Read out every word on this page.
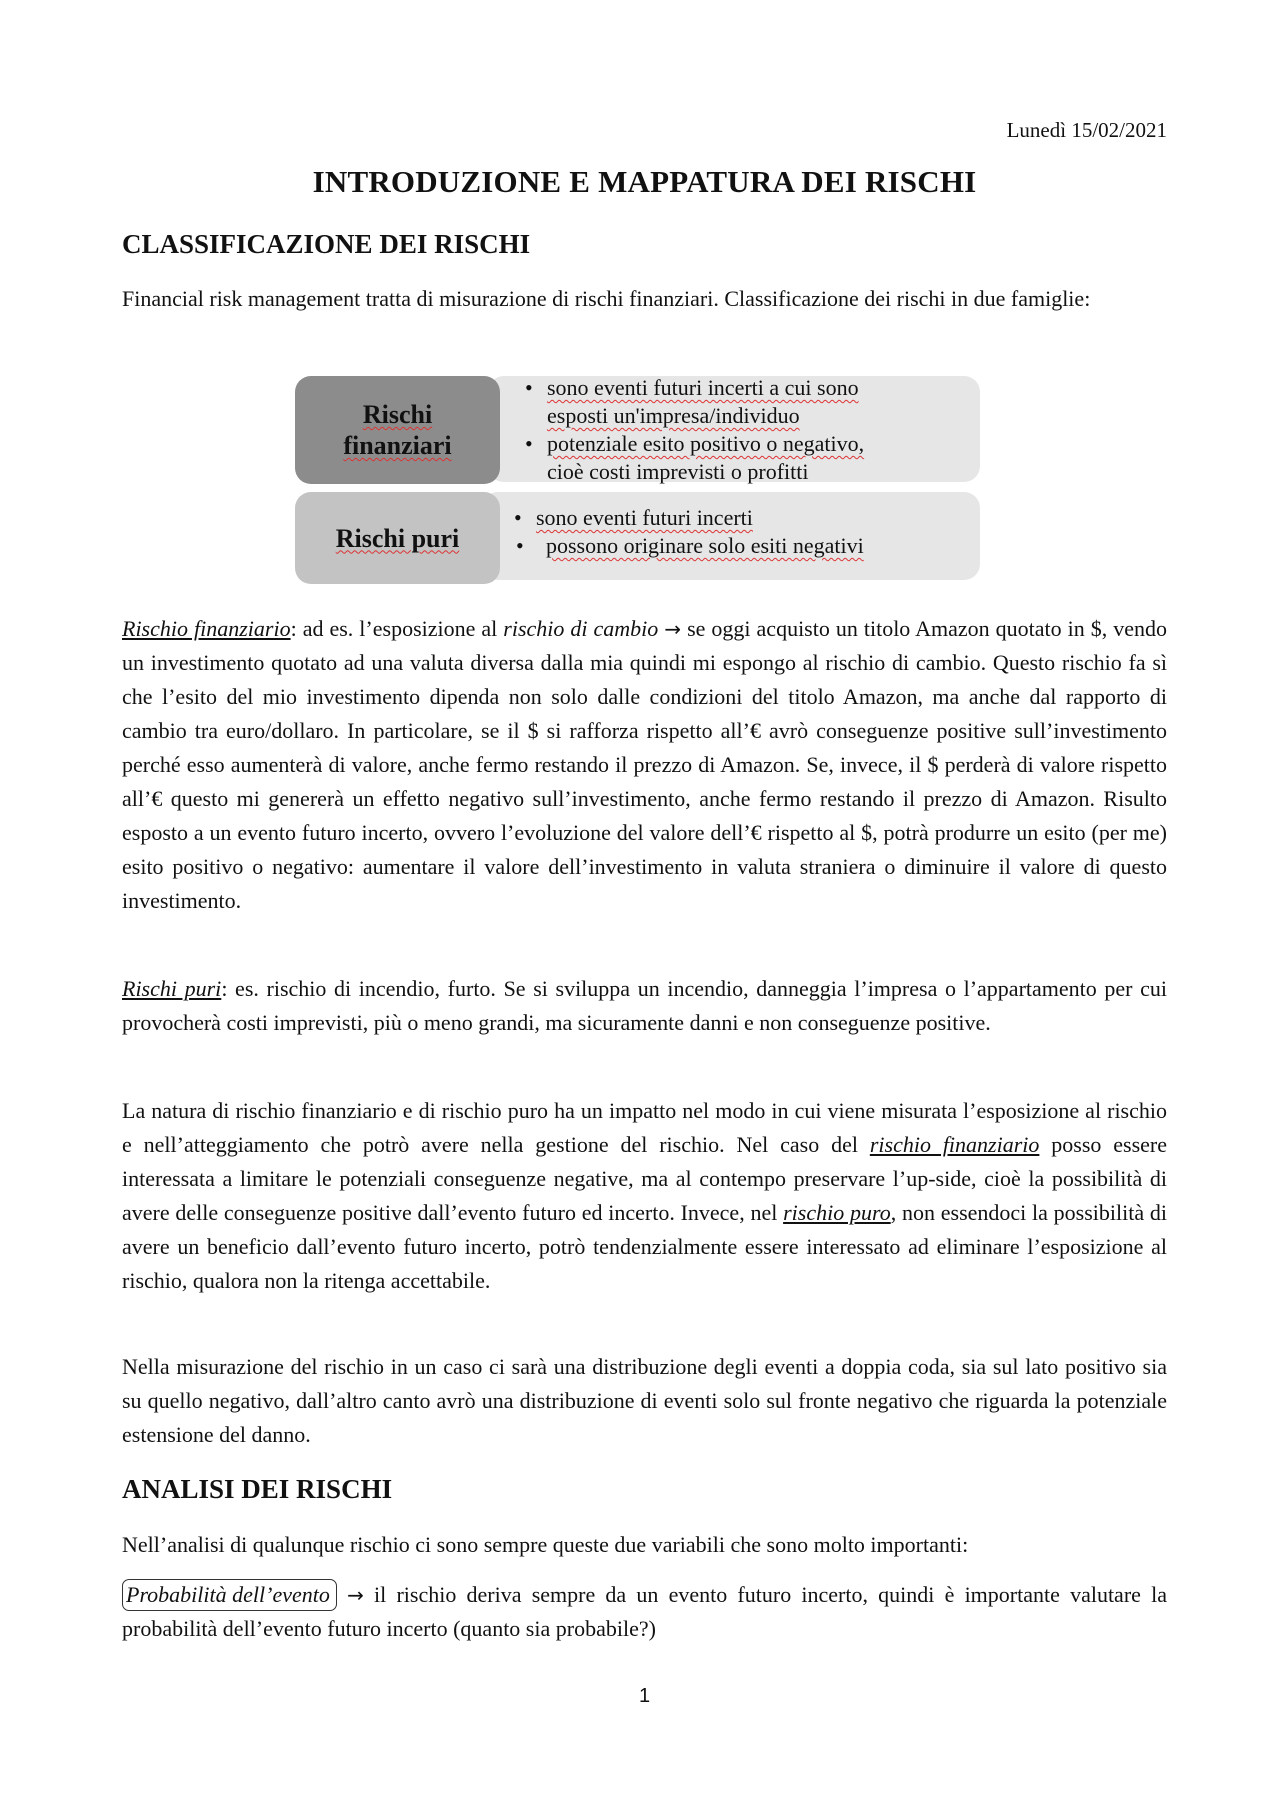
Lunedì 15/02/2021
INTRODUZIONE E MAPPATURA DEI RISCHI
CLASSIFICAZIONE DEI RISCHI

Financial risk management tratta di misurazione di rischi finanziari. Classificazione dei rischi in due famiglie:

• sono eventi futuri incerti a cui sono
esposti un'impresa/individuo
• potenziale esito positivo o negativo,
cioè costi imprevisti o profitti
Rischi
finanziari
• sono eventi futuri incerti
• possono originare solo esiti negativi
Rischi puri

Rischio finanziario: ad es. l’esposizione al rischio di cambio → se oggi acquisto un titolo Amazon quotato in $, vendo un investimento quotato ad una valuta diversa dalla mia quindi mi espongo al rischio di cambio. Questo rischio fa sì che l’esito del mio investimento dipenda non solo dalle condizioni del titolo Amazon, ma anche dal rapporto di cambio tra euro/dollaro. In particolare, se il $ si rafforza rispetto all’€ avrò conseguenze positive sull’investimento perché esso aumenterà di valore, anche fermo restando il prezzo di Amazon. Se, invece, il $ perderà di valore rispetto all’€ questo mi genererà un effetto negativo sull’investimento, anche fermo restando il prezzo di Amazon. Risulto esposto a un evento futuro incerto, ovvero l’evoluzione del valore dell’€ rispetto al $, potrà produrre un esito (per me) esito positivo o negativo: aumentare il valore dell’investimento in valuta straniera o diminuire il valore di questo investimento.

Rischi puri: es. rischio di incendio, furto. Se si sviluppa un incendio, danneggia l’impresa o l’appartamento per cui provocherà costi imprevisti, più o meno grandi, ma sicuramente danni e non conseguenze positive.

La natura di rischio finanziario e di rischio puro ha un impatto nel modo in cui viene misurata l’esposizione al rischio e nell’atteggiamento che potrò avere nella gestione del rischio. Nel caso del rischio finanziario posso essere interessata a limitare le potenziali conseguenze negative, ma al contempo preservare l’up-side, cioè la possibilità di avere delle conseguenze positive dall’evento futuro ed incerto. Invece, nel rischio puro, non essendoci la possibilità di avere un beneficio dall’evento futuro incerto, potrò tendenzialmente essere interessato ad eliminare l’esposizione al rischio, qualora non la ritenga accettabile.

Nella misurazione del rischio in un caso ci sarà una distribuzione degli eventi a doppia coda, sia sul lato positivo sia su quello negativo, dall’altro canto avrò una distribuzione di eventi solo sul fronte negativo che riguarda la potenziale estensione del danno.

ANALISI DEI RISCHI

Nell’analisi di qualunque rischio ci sono sempre queste due variabili che sono molto importanti:

Probabilità dell’evento → il rischio deriva sempre da un evento futuro incerto, quindi è importante valutare la probabilità dell’evento futuro incerto (quanto sia probabile?)

1
